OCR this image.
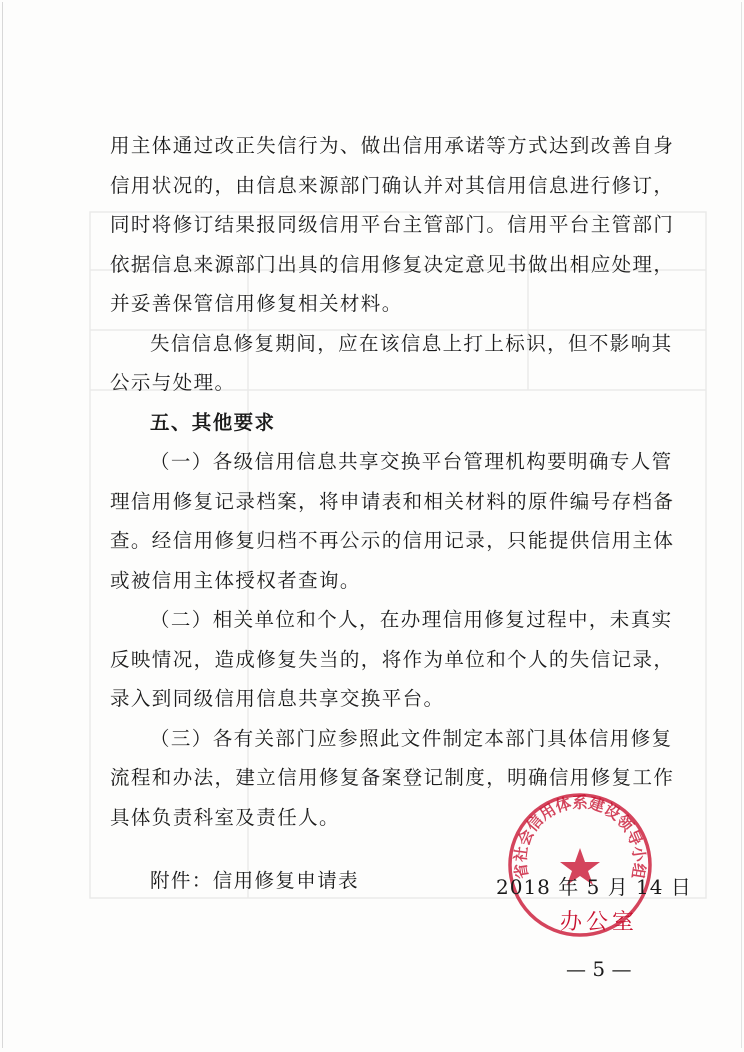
用主体通过改正失信行为、做出信用承诺等方式达到改善自身
信用状况的，由信息来源部门确认并对其信用信息进行修订，
同时将修订结果报同级信用平台主管部门。信用平台主管部门
依据信息来源部门出具的信用修复决定意见书做出相应处理，
并妥善保管信用修复相关材料。
失信信息修复期间，应在该信息上打上标识，但不影响其
公示与处理。
五、其他要求
（一）各级信用信息共享交换平台管理机构要明确专人管
理信用修复记录档案，将申请表和相关材料的原件编号存档备
查。经信用修复归档不再公示的信用记录，只能提供信用主体
或被信用主体授权者查询。
（二）相关单位和个人，在办理信用修复过程中，未真实
反映情况，造成修复失当的，将作为单位和个人的失信记录，
录入到同级信用信息共享交换平台。
（三）各有关部门应参照此文件制定本部门具体信用修复
流程和办法，建立信用修复备案登记制度，明确信用修复工作
具体负责科室及责任人。
附件：信用修复申请表	省社会信用体系建设领导小组
2018 年 5 月 14 日
办公室
— 5 —
